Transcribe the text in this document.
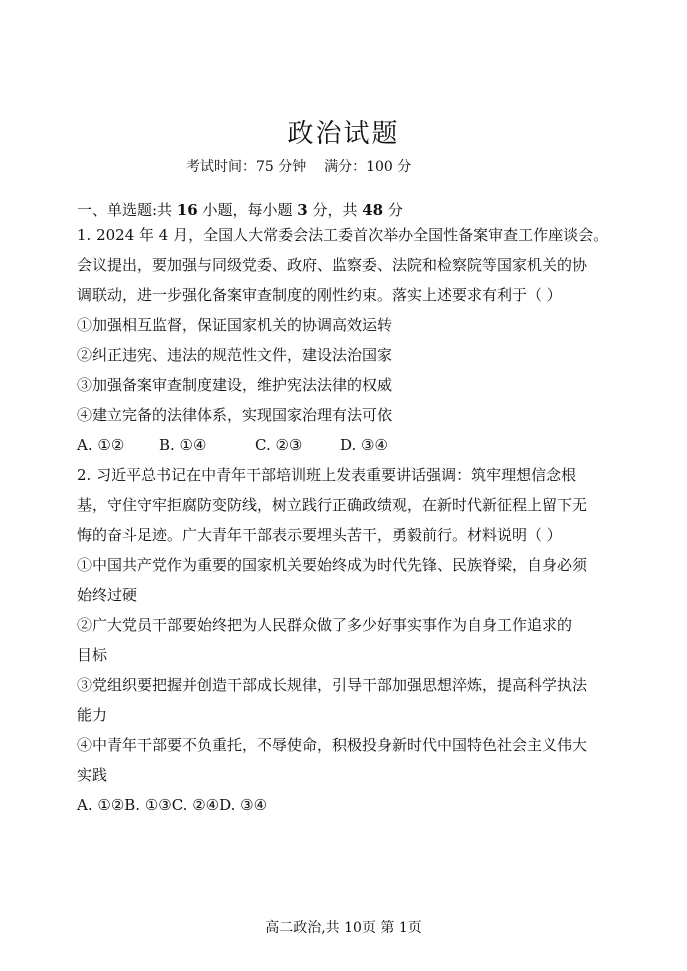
政治试题
考试时间：75 分钟    满分：100 分
一、单选题:共 16 小题，每小题 3 分，共 48 分
1. 2024 年 4 月，全国人大常委会法工委首次举办全国性备案审查工作座谈会。
会议提出，要加强与同级党委、政府、监察委、法院和检察院等国家机关的协
调联动，进一步强化备案审查制度的刚性约束。落实上述要求有利于（ ）
①加强相互监督，保证国家机关的协调高效运转
②纠正违宪、违法的规范性文件，建设法治国家
③加强备案审查制度建设，维护宪法法律的权威
④建立完备的法律体系，实现国家治理有法可依
A. ①② B. ①④	C. ②③	D. ③④
2. 习近平总书记在中青年干部培训班上发表重要讲话强调：筑牢理想信念根
基，守住守牢拒腐防变防线，树立践行正确政绩观，在新时代新征程上留下无
悔的奋斗足迹。广大青年干部表示要埋头苦干，勇毅前行。材料说明（ ）
①中国共产党作为重要的国家机关要始终成为时代先锋、民族脊梁，自身必须
始终过硬
②广大党员干部要始终把为人民群众做了多少好事实事作为自身工作追求的
目标
③党组织要把握并创造干部成长规律，引导干部加强思想淬炼，提高科学执法
能力
④中青年干部要不负重托，不辱使命，积极投身新时代中国特色社会主义伟大
实践
A. ①②B. ①③C. ②④D. ③④
高二政治,共 10页 第 1页
